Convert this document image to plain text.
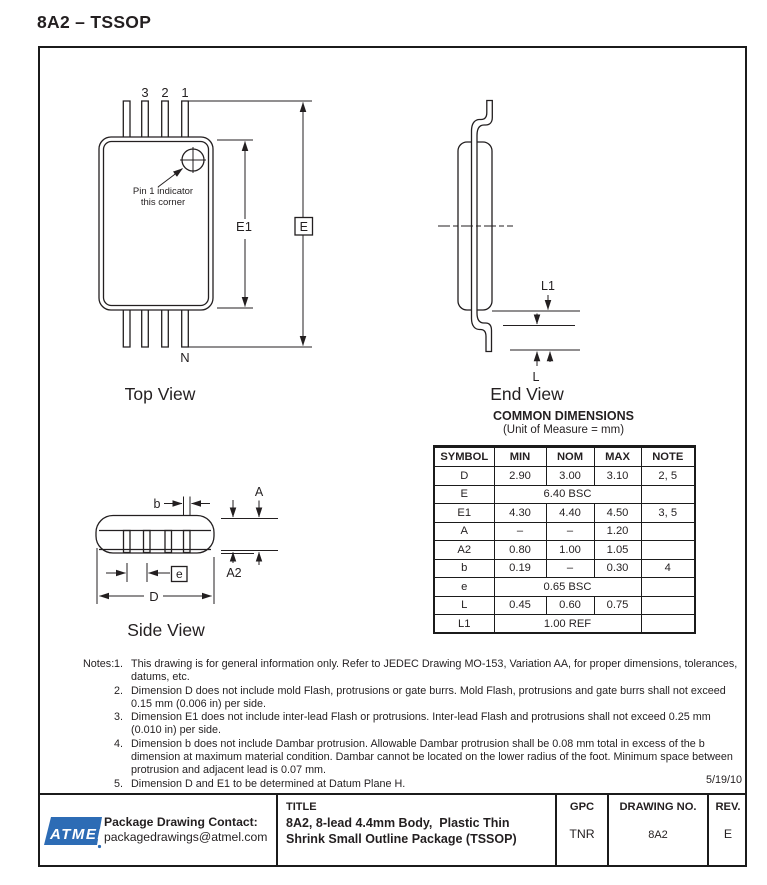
8A2 – TSSOP
3 2 1
N
Pin 1 indicator
this corner
E1	E
Top View
L1
L
End View
b
A
A2
e
D
Side View
COMMON DIMENSIONS
(Unit of Measure = mm)
SYMBOL	MIN	NOM	MAX	NOTE
D	2.90	3.00	3.10	2, 5
E	6.40 BSC			
E1	4.30	4.40	4.50	3, 5
A	–	–	1.20	
A2	0.80	1.00	1.05	
b	0.19	–	0.30	4
e	0.65 BSC			
L	0.45	0.60	0.75	
L1	1.00 REF			
Notes: 1. This drawing is for general information only. Refer to JEDEC Drawing MO-153, Variation AA, for proper dimensions, tolerances, datums, etc.
2. Dimension D does not include mold Flash, protrusions or gate burrs. Mold Flash, protrusions and gate burrs shall not exceed 0.15 mm (0.006 in) per side.
3. Dimension E1 does not include inter-lead Flash or protrusions. Inter-lead Flash and protrusions shall not exceed 0.25 mm (0.010 in) per side.
4. Dimension b does not include Dambar protrusion. Allowable Dambar protrusion shall be 0.08 mm total in excess of the b dimension at maximum material condition. Dambar cannot be located on the lower radius of the foot. Minimum space between protrusion and adjacent lead is 0.07 mm.
5. Dimension D and E1 to be determined at Datum Plane H.	5/19/10
ATMEL
Package Drawing Contact:
packagedrawings@atmel.com
TITLE
8A2, 8-lead 4.4mm Body,  Plastic Thin
Shrink Small Outline Package (TSSOP)
GPC
TNR
DRAWING NO.
8A2
REV.
E
